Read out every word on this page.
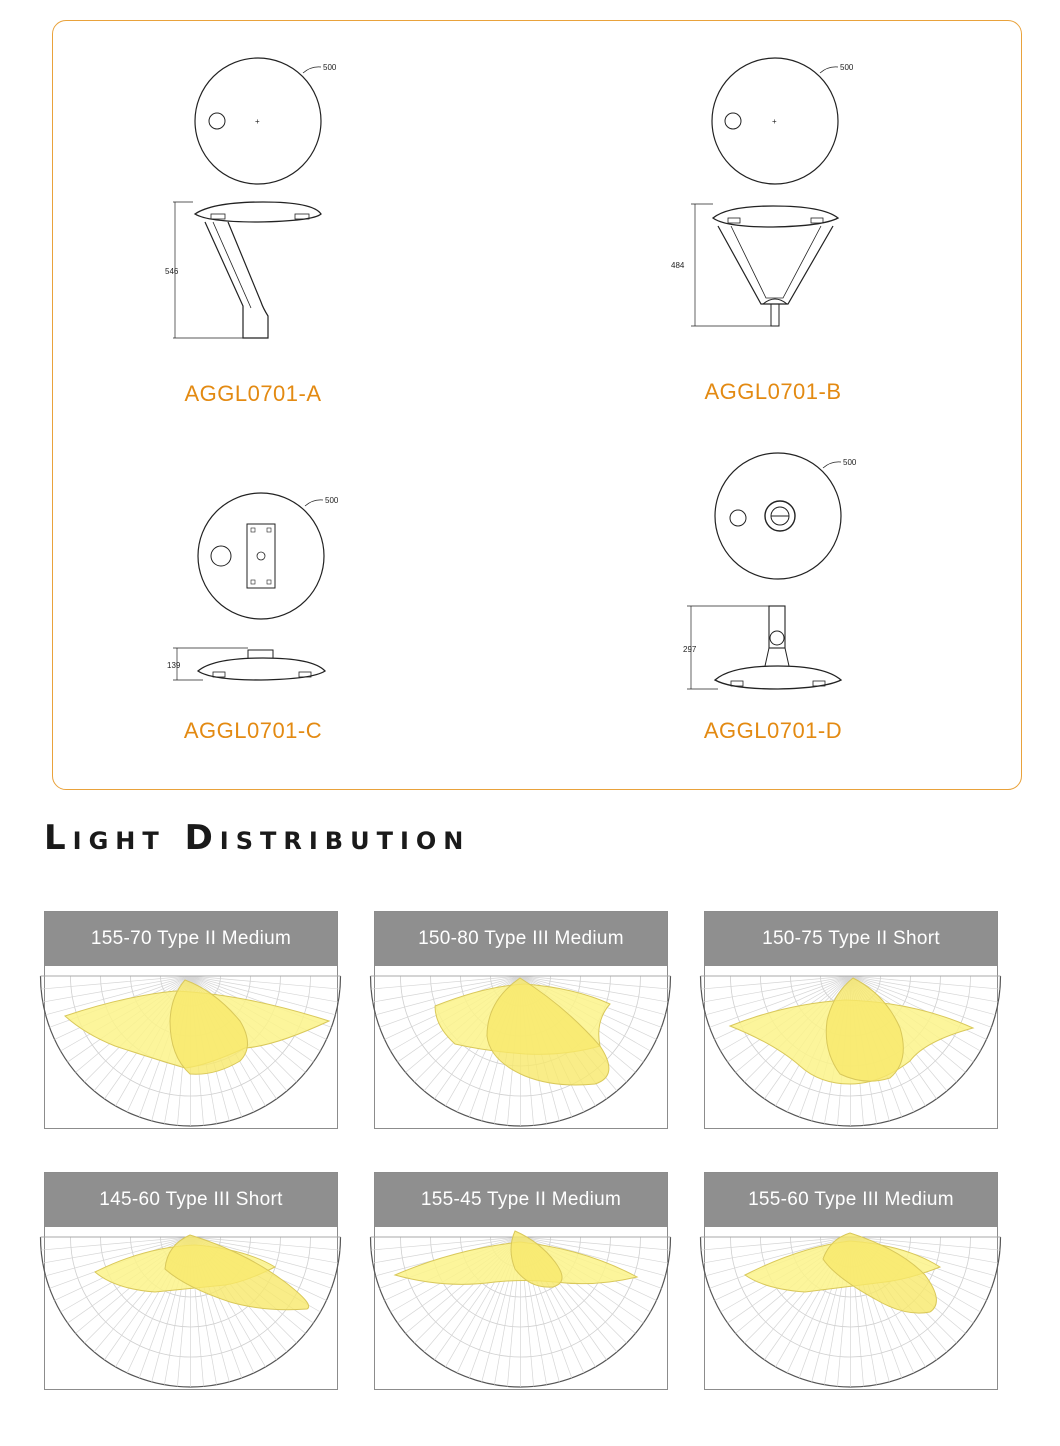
+
500
546
AGGL0701-A
+
500
484
AGGL0701-B
500
139
AGGL0701-C
500
297
AGGL0701-D
Light Distribution
155-70 Type II Medium	150-80 Type III Medium	150-75 Type II Short
145-60 Type III Short	155-45 Type II Medium	155-60 Type III Medium
